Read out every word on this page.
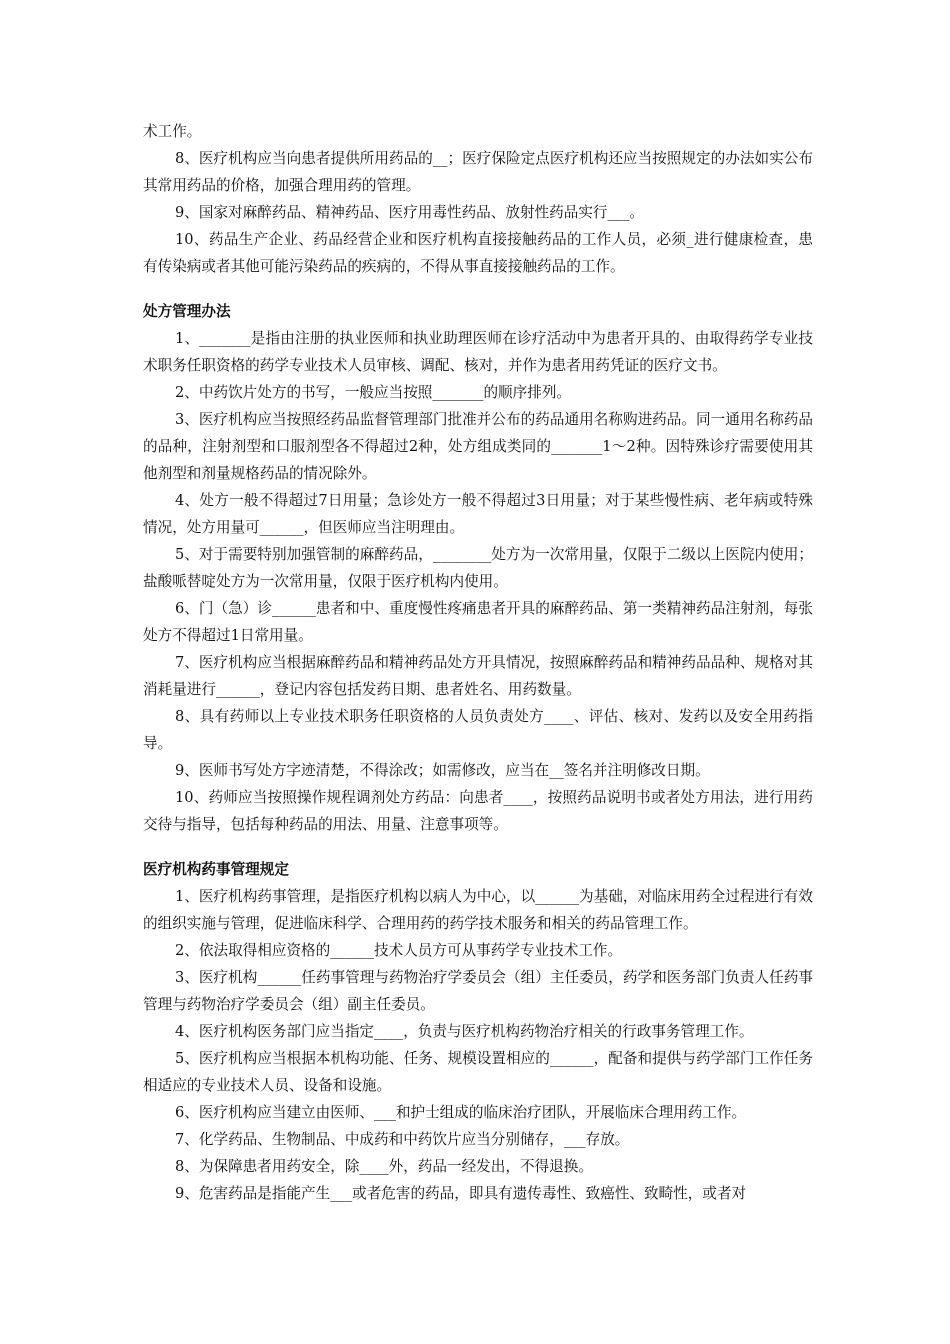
术工作。

8、医疗机构应当向患者提供所用药品的__；医疗保险定点医疗机构还应当按照规定的办法如实公布其常用药品的价格，加强合理用药的管理。

9、国家对麻醉药品、精神药品、医疗用毒性药品、放射性药品实行___。

10、药品生产企业、药品经营企业和医疗机构直接接触药品的工作人员，必须_进行健康检查，患有传染病或者其他可能污染药品的疾病的，不得从事直接接触药品的工作。

处方管理办法

1、_______是指由注册的执业医师和执业助理医师在诊疗活动中为患者开具的、由取得药学专业技术职务任职资格的药学专业技术人员审核、调配、核对，并作为患者用药凭证的医疗文书。

2、中药饮片处方的书写，一般应当按照_______的顺序排列。

3、医疗机构应当按照经药品监督管理部门批准并公布的药品通用名称购进药品。同一通用名称药品的品种，注射剂型和口服剂型各不得超过2种，处方组成类同的_______1～2种。因特殊诊疗需要使用其他剂型和剂量规格药品的情况除外。

4、处方一般不得超过7日用量；急诊处方一般不得超过3日用量；对于某些慢性病、老年病或特殊情况，处方用量可______，但医师应当注明理由。

5、对于需要特别加强管制的麻醉药品，________处方为一次常用量，仅限于二级以上医院内使用；盐酸哌替啶处方为一次常用量，仅限于医疗机构内使用。

6、门（急）诊______患者和中、重度慢性疼痛患者开具的麻醉药品、第一类精神药品注射剂，每张处方不得超过1日常用量。

7、医疗机构应当根据麻醉药品和精神药品处方开具情况，按照麻醉药品和精神药品品种、规格对其消耗量进行______，登记内容包括发药日期、患者姓名、用药数量。

8、具有药师以上专业技术职务任职资格的人员负责处方____、评估、核对、发药以及安全用药指导。

9、医师书写处方字迹清楚，不得涂改；如需修改，应当在__签名并注明修改日期。

10、药师应当按照操作规程调剂处方药品：向患者____，按照药品说明书或者处方用法，进行用药交待与指导，包括每种药品的用法、用量、注意事项等。

医疗机构药事管理规定

1、医疗机构药事管理，是指医疗机构以病人为中心，以______为基础，对临床用药全过程进行有效的组织实施与管理，促进临床科学、合理用药的药学技术服务和相关的药品管理工作。

2、依法取得相应资格的______技术人员方可从事药学专业技术工作。

3、医疗机构______任药事管理与药物治疗学委员会（组）主任委员，药学和医务部门负责人任药事管理与药物治疗学委员会（组）副主任委员。

4、医疗机构医务部门应当指定____，负责与医疗机构药物治疗相关的行政事务管理工作。

5、医疗机构应当根据本机构功能、任务、规模设置相应的______，配备和提供与药学部门工作任务相适应的专业技术人员、设备和设施。

6、医疗机构应当建立由医师、___和护士组成的临床治疗团队，开展临床合理用药工作。

7、化学药品、生物制品、中成药和中药饮片应当分别储存，___存放。

8、为保障患者用药安全，除____外，药品一经发出，不得退换。

9、危害药品是指能产生___或者危害的药品，即具有遗传毒性、致癌性、致畸性，或者对
